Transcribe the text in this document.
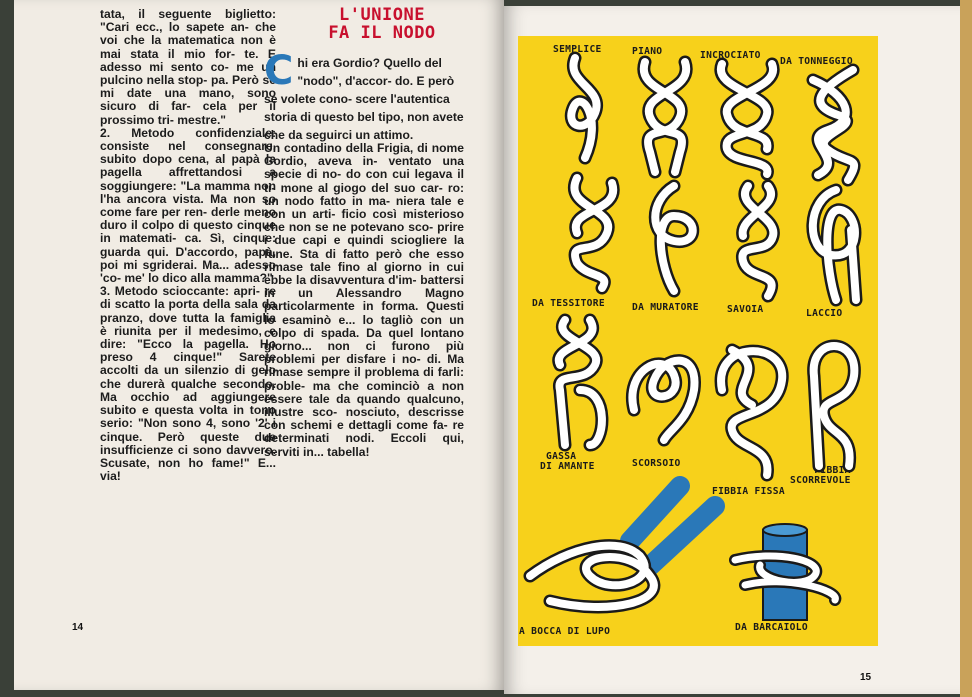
tata, il seguente biglietto: "Cari ecc., lo sapete an- che voi che la matematica non è mai stata il mio for- te. E adesso mi sento co- me un pulcino nella stop- pa. Però se mi date una mano, sono sicuro di far- cela per il prossimo tri- mestre."

2. Metodo confidenziale: consiste nel consegnare, subito dopo cena, al papà la pagella affrettandosi a soggiungere: "La mamma non l'ha ancora vista. Ma non so come fare per ren- derle meno duro il colpo di questo cinque in matemati- ca. Sì, cinque: guarda qui. D'accordo, papà, poi mi sgriderai. Ma... adesso 'co- me' lo dico alla mamma?"

3. Metodo scioccante: apri- re di scatto la porta della sala da pranzo, dove tutta la famiglia è riunita per il medesimo, e dire: "Ecco la pagella. Ho preso 4 cinque!" Sarete accolti da un silenzio di gelo che durerà qualche secondo. Ma occhio ad aggiungere subito e questa volta in tono serio: "Non sono 4, sono '2' i cinque. Però queste due insufficienze ci sono davvero. Scusate, non ho fame!" E... via!

L'UNIONE
FA IL NODO
C hi era Gordio? Quello del "nodo", d'accor- do. E però se volete cono- scere l'autentica storia di questo bel tipo, non avete che da seguirci un attimo.

Un contadino della Frigia, di nome Gordio, aveva in- ventato una specie di no- do con cui legava il ti- mone al giogo del suo car- ro: un nodo fatto in ma- niera tale e con un arti- ficio così misterioso che non se ne potevano sco- prire i due capi e quindi sciogliere la fune. Sta di fatto però che esso rimase tale fino al giorno in cui ebbe la disavventura d'im- battersi in un Alessandro Magno particolarmente in forma. Questi lo esaminò e... lo tagliò con un colpo di spada. Da quel lontano giorno... non ci furono più problemi per disfare i no- di. Ma rimase sempre il problema di farli: proble- ma che cominciò a non essere tale da quando qualcuno, illustre sco- nosciuto, descrisse con schemi e dettagli come fa- re determinati nodi. Eccoli qui, serviti in... tabella!

14
SEMPLICE	PIANO	INCROCIATO
DA TONNEGGIO
DA TESSITORE	DA MURATORE	SAVOIA	LACCIO
GASSA
DI AMANTE	SCORSOIO
FIBBIA FISSA
FIBBIA
SCORREVOLE
A BOCCA DI LUPO	DA BARCAIOLO
15
